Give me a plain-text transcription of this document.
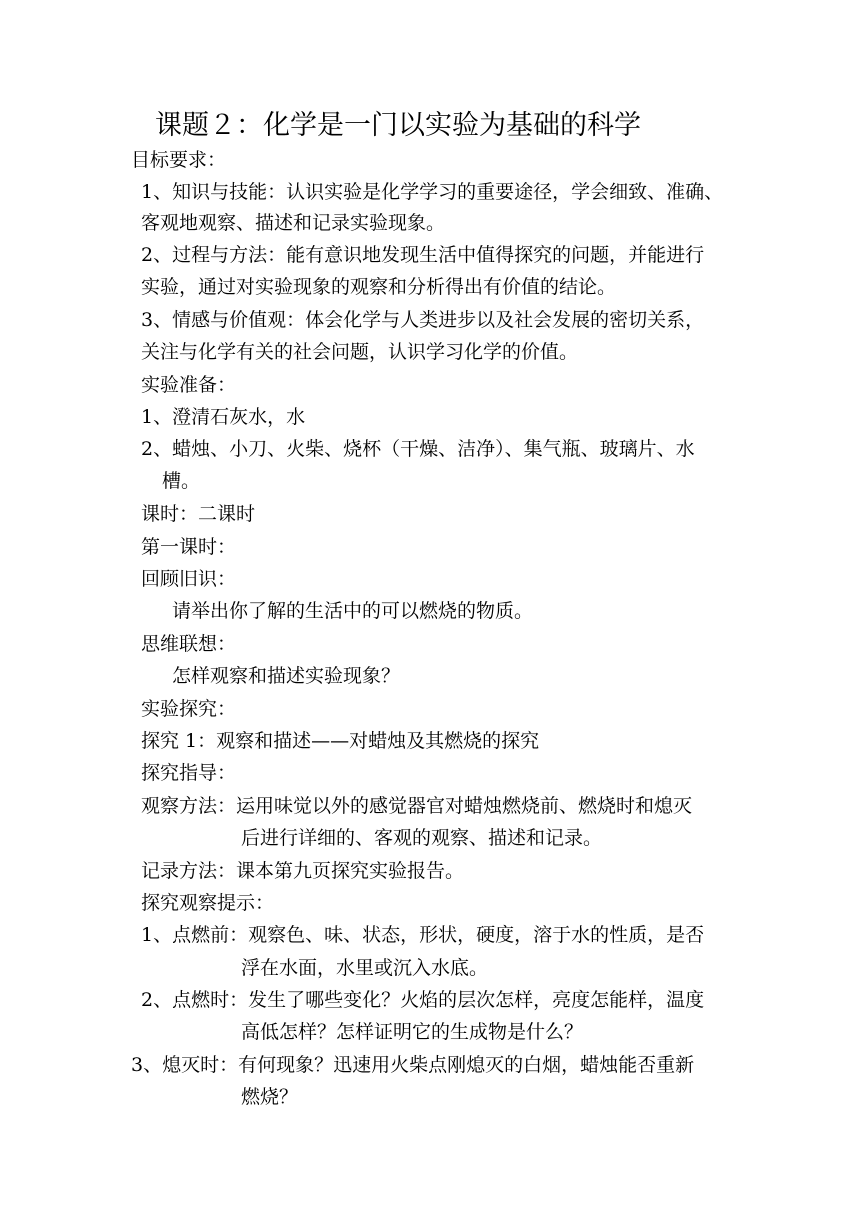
课题２：化学是一门以实验为基础的科学
目标要求：
1、知识与技能：认识实验是化学学习的重要途径，学会细致、准确、
客观地观察、描述和记录实验现象。
2、过程与方法：能有意识地发现生活中值得探究的问题，并能进行
实验，通过对实验现象的观察和分析得出有价值的结论。
3、情感与价值观：体会化学与人类进步以及社会发展的密切关系，
关注与化学有关的社会问题，认识学习化学的价值。
实验准备：
1、澄清石灰水，水
2、蜡烛、小刀、火柴、烧杯（干燥、洁净）、集气瓶、玻璃片、水
槽。
课时：二课时
第一课时：
回顾旧识：
请举出你了解的生活中的可以燃烧的物质。
思维联想：
怎样观察和描述实验现象？
实验探究：
探究 1：观察和描述——对蜡烛及其燃烧的探究
探究指导：
观察方法：运用味觉以外的感觉器官对蜡烛燃烧前、燃烧时和熄灭
后进行详细的、客观的观察、描述和记录。
记录方法：课本第九页探究实验报告。
探究观察提示：
1、点燃前：观察色、味、状态，形状，硬度，溶于水的性质，是否
浮在水面，水里或沉入水底。
2、点燃时：发生了哪些变化？火焰的层次怎样，亮度怎能样，温度
高低怎样？怎样证明它的生成物是什么？
3、熄灭时：有何现象？迅速用火柴点刚熄灭的白烟，蜡烛能否重新
燃烧？
